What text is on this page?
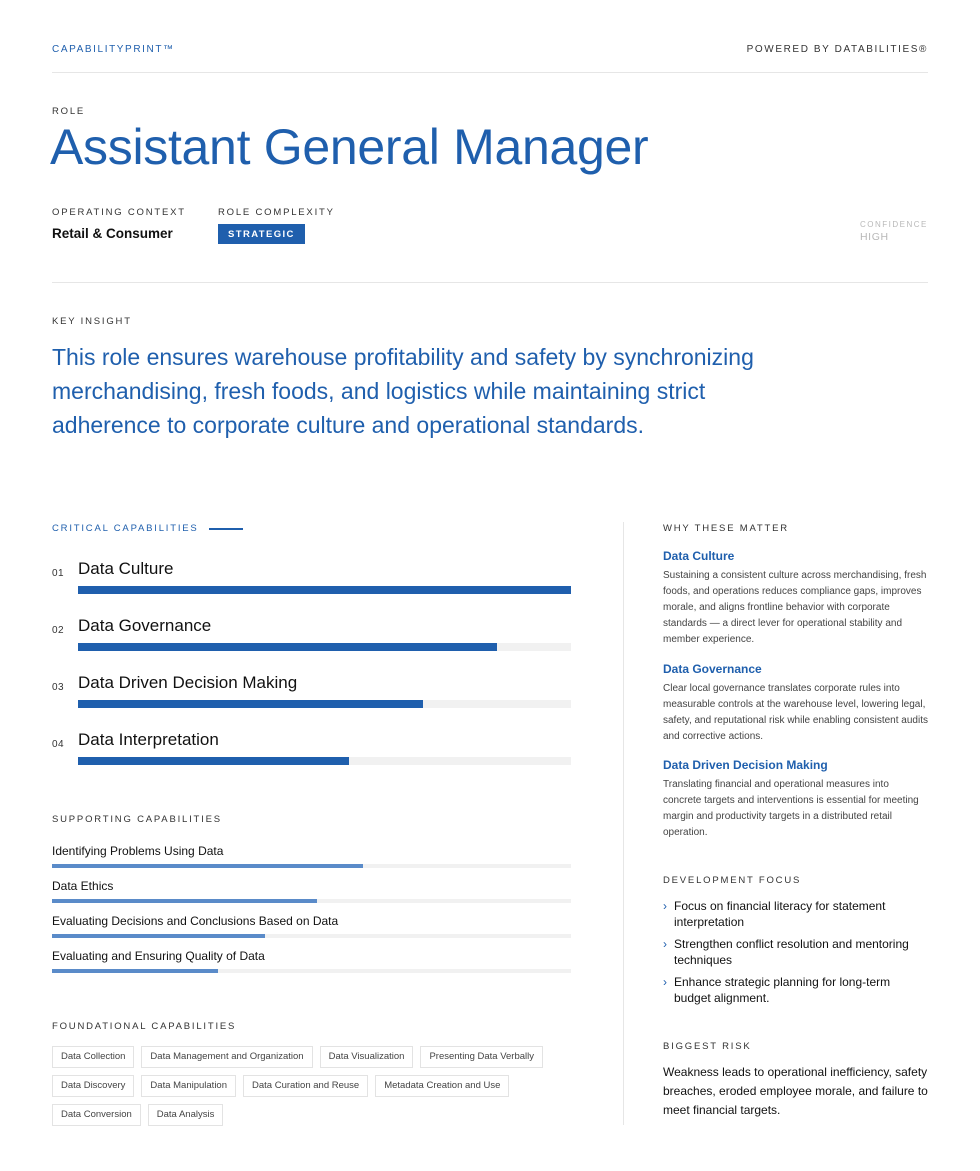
CAPABILITYPRINT™	POWERED BY DATABILITIES®
ROLE
Assistant General Manager
OPERATING CONTEXT
Retail & Consumer
ROLE COMPLEXITY
STRATEGIC
CONFIDENCE
HIGH
KEY INSIGHT

This role ensures warehouse profitability and safety by synchronizing merchandising, fresh foods, and logistics while maintaining strict adherence to corporate culture and operational standards.

CRITICAL CAPABILITIES
01 Data Culture
02 Data Governance
03 Data Driven Decision Making
04 Data Interpretation
SUPPORTING CAPABILITIES
Identifying Problems Using Data
Data Ethics
Evaluating Decisions and Conclusions Based on Data
Evaluating and Ensuring Quality of Data
FOUNDATIONAL CAPABILITIES
Data Collection	Data Management and Organization	Data Visualization	Presenting Data Verbally
Data Discovery	Data Manipulation	Data Curation and Reuse	Metadata Creation and Use
Data Conversion	Data Analysis
WHY THESE MATTER
Data Culture
Sustaining a consistent culture across merchandising, fresh foods, and operations reduces compliance gaps, improves morale, and aligns frontline behavior with corporate standards — a direct lever for operational stability and member experience.
Data Governance
Clear local governance translates corporate rules into measurable controls at the warehouse level, lowering legal, safety, and reputational risk while enabling consistent audits and corrective actions.
Data Driven Decision Making
Translating financial and operational measures into concrete targets and interventions is essential for meeting margin and productivity targets in a distributed retail operation.
DEVELOPMENT FOCUS
› Focus on financial literacy for statement interpretation
› Strengthen conflict resolution and mentoring techniques
› Enhance strategic planning for long-term budget alignment.
BIGGEST RISK

Weakness leads to operational inefficiency, safety breaches, eroded employee morale, and failure to meet financial targets.
